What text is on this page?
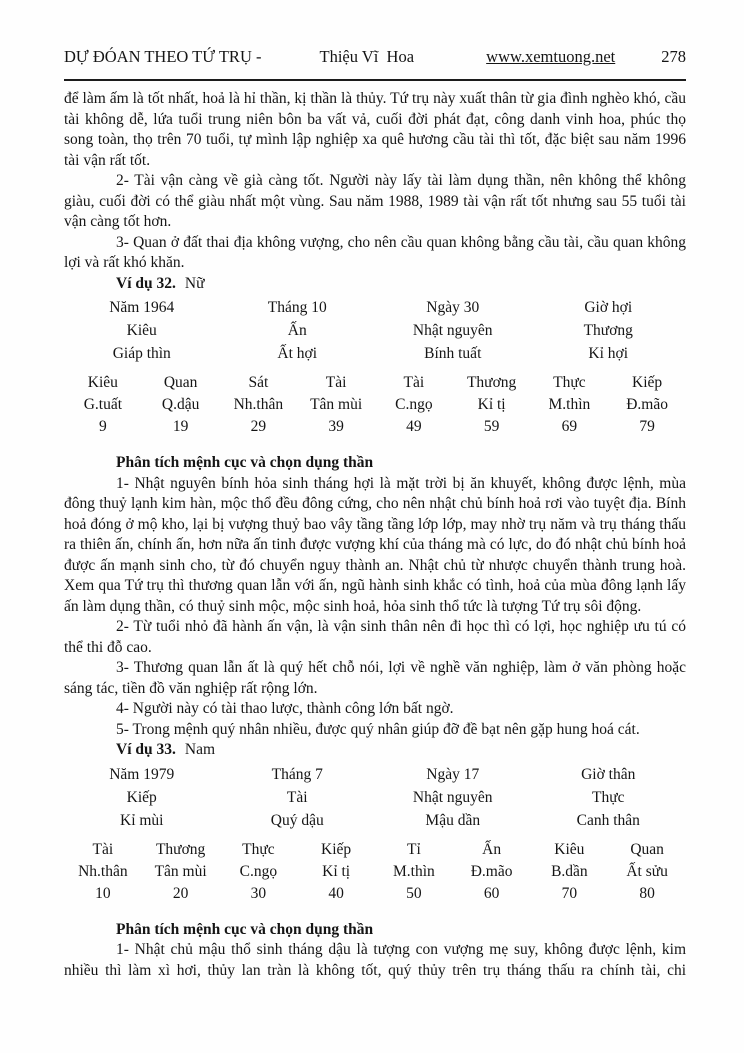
DỰ ĐÓAN THEO TỨ TRỤ -	Thiệu Vĩ  Hoa	www.xemtuong.net	278

để làm ấm là tốt nhất, hoả là hỉ thần, kị thần là thủy. Tứ trụ này xuất thân từ gia đình nghèo khó, cầu tài không dễ, lứa tuổi trung niên bôn ba vất vả, cuối đời phát đạt, công danh vinh hoa, phúc thọ song toàn, thọ trên 70 tuổi, tự mình lập nghiệp xa quê hương cầu tài thì tốt, đặc biệt sau năm 1996 tài vận rất tốt.

2- Tài vận càng về già càng tốt. Người này lấy tài làm dụng thần, nên không thể không giàu, cuối đời có thể giàu nhất một vùng. Sau năm 1988, 1989 tài vận rất tốt nhưng sau 55 tuổi tài vận càng tốt hơn.

3- Quan ở đất thai địa không vượng, cho nên cầu quan không bằng cầu tài, cầu quan không lợi và rất khó khăn.

Ví dụ 32. Nữ

Năm 1964	Tháng 10	Ngày 30	Giờ hợi
Kiêu	Ấn	Nhật nguyên	Thương
Giáp thìn	Ất hợi	Bính tuất	Kỉ hợi
Kiêu	Quan	Sát	Tài	Tài	Thương	Thực	Kiếp
G.tuất	Q.dậu	Nh.thân	Tân mùi	C.ngọ	Kỉ tị	M.thìn	Đ.mão
9	19	29	39	49	59	69	79

Phân tích mệnh cục và chọn dụng thần

1- Nhật nguyên bính hỏa sinh tháng hợi là mặt trời bị ăn khuyết, không được lệnh, mùa đông thuỷ lạnh kim hàn, mộc thổ đều đông cứng, cho nên nhật chủ bính hoả rơi vào tuyệt địa. Bính hoả đóng ở mộ kho, lại bị vượng thuỷ bao vây tầng tầng lớp lớp, may nhờ trụ năm và trụ tháng thấu ra thiên ấn, chính ấn, hơn nữa ấn tinh được vượng khí của tháng mà có lực, do đó nhật chủ bính hoả được ấn mạnh sinh cho, từ đó chuyển nguy thành an. Nhật chủ từ nhược chuyển thành trung hoà. Xem qua Tứ trụ thì thương quan lẫn với ấn, ngũ hành sinh khắc có tình, hoả của mùa đông lạnh lấy ấn làm dụng thần, có thuỷ sinh mộc, mộc sinh hoả, hỏa sinh thổ tức là tượng Tứ trụ sôi động.

2- Từ tuổi nhỏ đã hành ấn vận, là vận sinh thân nên đi học thì có lợi, học nghiệp ưu tú có thể thi đỗ cao.

3- Thương quan lẫn ất là quý hết chỗ nói, lợi về nghề văn nghiệp, làm ở văn phòng hoặc sáng tác, tiền đồ văn nghiệp rất rộng lớn.

4- Người này có tài thao lược, thành công lớn bất ngờ.

5- Trong mệnh quý nhân nhiều, được quý nhân giúp đỡ đề bạt nên gặp hung hoá cát.

Ví dụ 33. Nam

Năm 1979	Tháng 7	Ngày 17	Giờ thân
Kiếp	Tài	Nhật nguyên	Thực
Kỉ mùi	Quý dậu	Mậu dần	Canh thân
Tài	Thương	Thực	Kiếp	Tỉ	Ấn	Kiêu	Quan
Nh.thân	Tân mùi	C.ngọ	Kỉ tị	M.thìn	Đ.mão	B.dần	Ất sửu
10	20	30	40	50	60	70	80

Phân tích mệnh cục và chọn dụng thần

1- Nhật chủ mậu thổ sinh tháng dậu là tượng con vượng mẹ suy, không được lệnh, kim nhiều thì làm xì hơi, thủy lan tràn là không tốt, quý thủy trên trụ tháng thấu ra chính tài, chi
